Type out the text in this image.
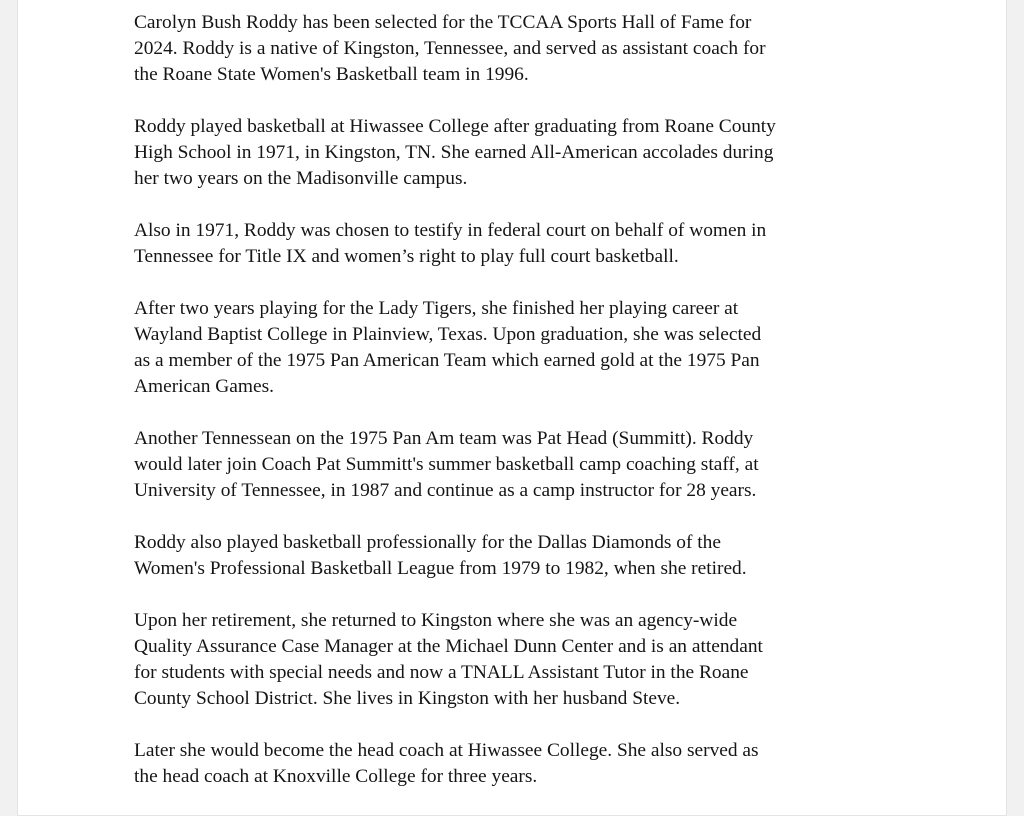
Carolyn Bush Roddy has been selected for the TCCAA Sports Hall of Fame for
2024. Roddy is a native of Kingston, Tennessee, and served as assistant coach for
the Roane State Women's Basketball team in 1996.

Roddy played basketball at Hiwassee College after graduating from Roane County
High School in 1971, in Kingston, TN. She earned All-American accolades during
her two years on the Madisonville campus.

Also in 1971, Roddy was chosen to testify in federal court on behalf of women in
Tennessee for Title IX and women’s right to play full court basketball.

After two years playing for the Lady Tigers, she finished her playing career at
Wayland Baptist College in Plainview, Texas. Upon graduation, she was selected
as a member of the 1975 Pan American Team which earned gold at the 1975 Pan
American Games.

Another Tennessean on the 1975 Pan Am team was Pat Head (Summitt). Roddy
would later join Coach Pat Summitt's summer basketball camp coaching staff, at
University of Tennessee, in 1987 and continue as a camp instructor for 28 years.

Roddy also played basketball professionally for the Dallas Diamonds of the
Women's Professional Basketball League from 1979 to 1982, when she retired.

Upon her retirement, she returned to Kingston where she was an agency-wide
Quality Assurance Case Manager at the Michael Dunn Center and is an attendant
for students with special needs and now a TNALL Assistant Tutor in the Roane
County School District. She lives in Kingston with her husband Steve.

Later she would become the head coach at Hiwassee College. She also served as
the head coach at Knoxville College for three years.
